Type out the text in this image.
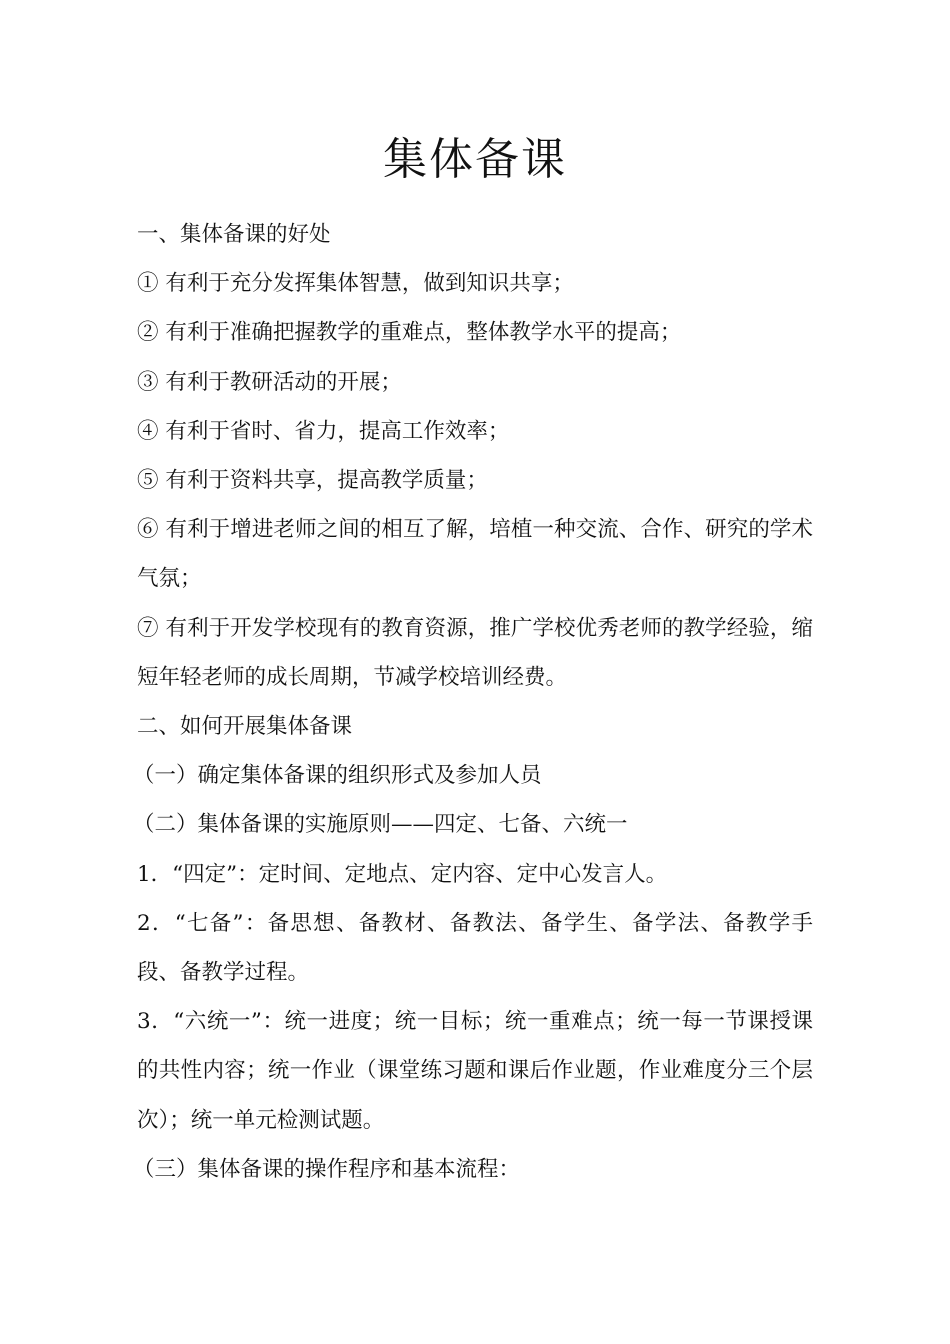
集体备课

一、集体备课的好处

① 有利于充分发挥集体智慧，做到知识共享；

② 有利于准确把握教学的重难点，整体教学水平的提高；

③ 有利于教研活动的开展；

④ 有利于省时、省力，提高工作效率；

⑤ 有利于资料共享，提高教学质量；

⑥ 有利于增进老师之间的相互了解，培植一种交流、合作、研究的学术气氛；

⑦ 有利于开发学校现有的教育资源，推广学校优秀老师的教学经验，缩短年轻老师的成长周期，节减学校培训经费。

二、如何开展集体备课

（一）确定集体备课的组织形式及参加人员

（二）集体备课的实施原则——四定、七备、六统一

1．“四定”：定时间、定地点、定内容、定中心发言人。

2．“七备”：备思想、备教材、备教法、备学生、备学法、备教学手段、备教学过程。

3．“六统一”：统一进度；统一目标；统一重难点；统一每一节课授课的共性内容；统一作业（课堂练习题和课后作业题，作业难度分三个层次）；统一单元检测试题。

（三）集体备课的操作程序和基本流程：
